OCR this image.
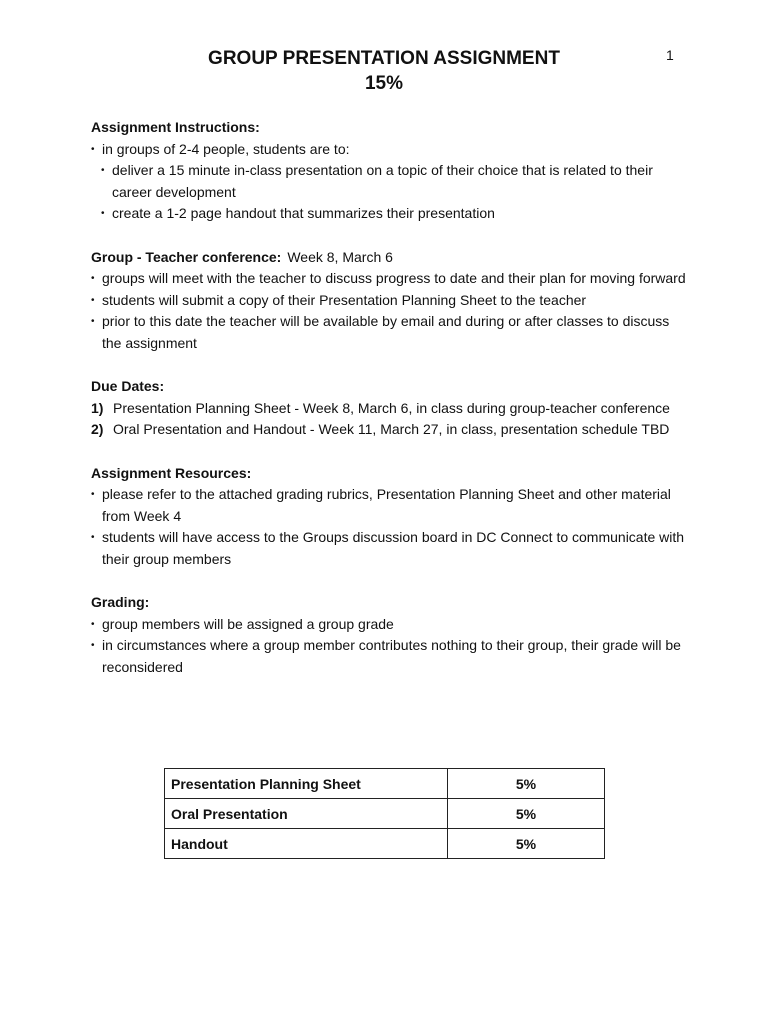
1
GROUP PRESENTATION ASSIGNMENT
15%
Assignment Instructions:
• in groups of 2-4 people, students are to:
• deliver a 15 minute in-class presentation on a topic of their choice that is related to their career development
• create a 1-2 page handout that summarizes their presentation
Group - Teacher conference: Week 8, March 6
• groups will meet with the teacher to discuss progress to date and their plan for moving forward
• students will submit a copy of their Presentation Planning Sheet to the teacher
• prior to this date the teacher will be available by email and during or after classes to discuss the assignment
Due Dates:
1) Presentation Planning Sheet - Week 8, March 6, in class during group-teacher conference
2) Oral Presentation and Handout - Week 11, March 27, in class, presentation schedule TBD
Assignment Resources:
• please refer to the attached grading rubrics, Presentation Planning Sheet and other material from Week 4
• students will have access to the Groups discussion board in DC Connect to communicate with their group members
Grading:
• group members will be assigned a group grade
• in circumstances where a group member contributes nothing to their group, their grade will be reconsidered
Presentation Planning Sheet	5%
Oral Presentation	5%
Handout	5%
